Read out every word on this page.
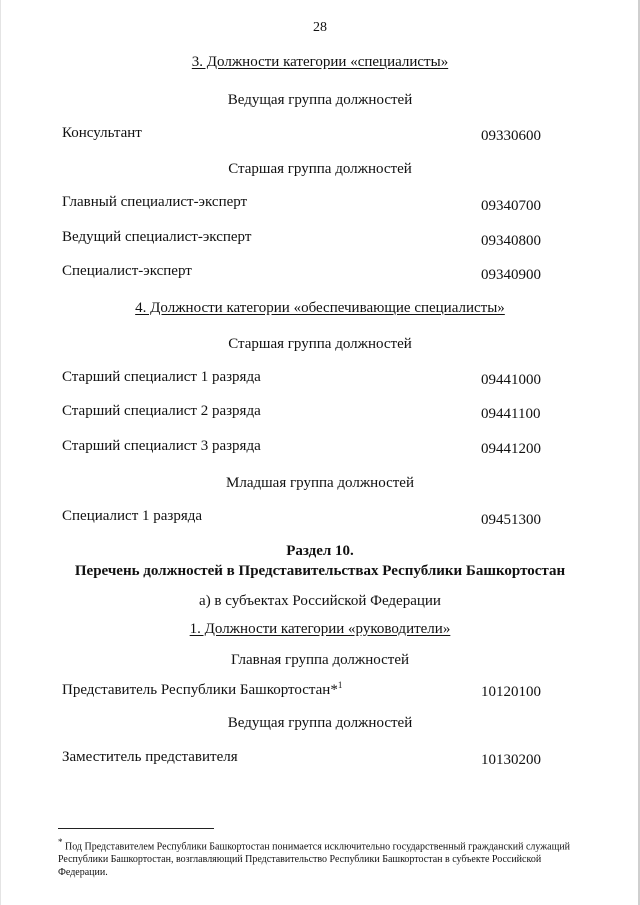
28
3. Должности категории «специалисты»
Ведущая группа должностей
Консультант	09330600
Старшая группа должностей
Главный специалист-эксперт	09340700
Ведущий специалист-эксперт	09340800
Специалист-эксперт	09340900
4. Должности категории «обеспечивающие специалисты»
Старшая группа должностей
Старший специалист 1 разряда	09441000
Старший специалист 2 разряда	09441100
Старший специалист 3 разряда	09441200
Младшая группа должностей
Специалист 1 разряда	09451300
Раздел 10.
Перечень должностей в Представительствах Республики Башкортостан
а) в субъектах Российской Федерации
1. Должности категории «руководители»
Главная группа должностей
Представитель Республики Башкортостан*$^1$	10120100
Ведущая группа должностей
Заместитель представителя	10130200
* Под Представителем Республики Башкортостан понимается исключительно государственный гражданский служащий Республики Башкортостан, возглавляющий Представительство Республики Башкортостан в субъекте Российской Федерации.
